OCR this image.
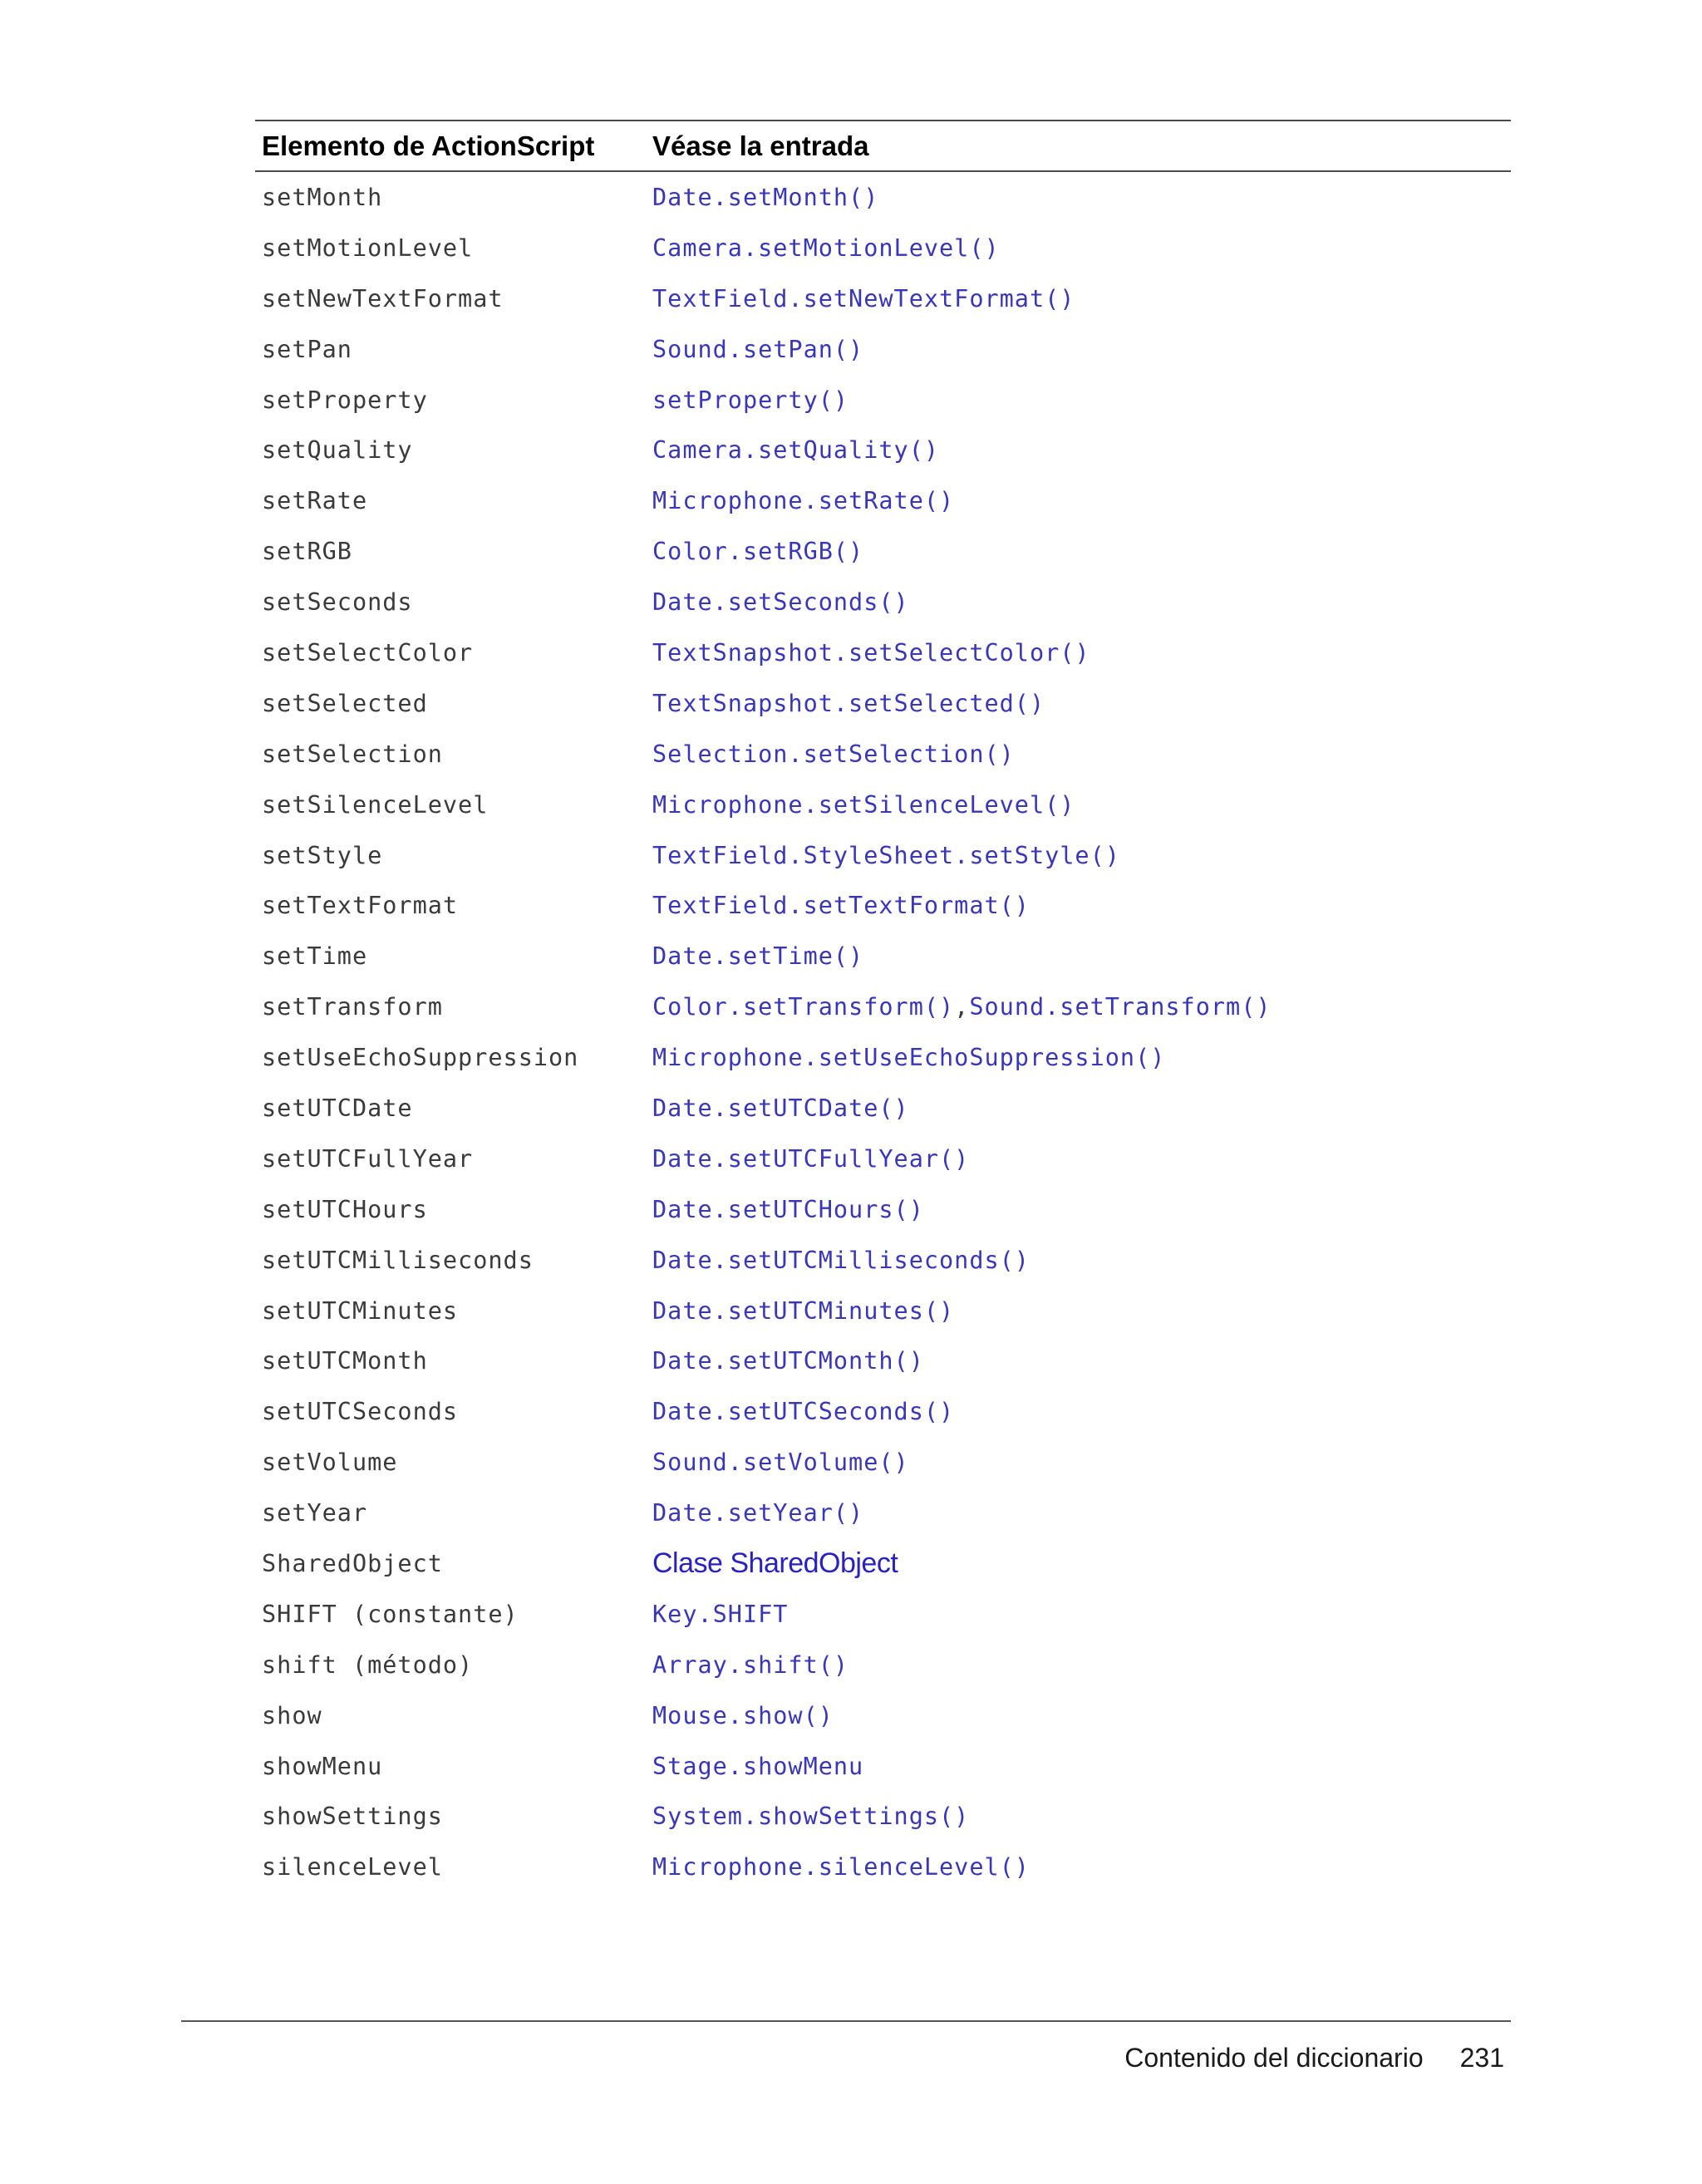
Elemento de ActionScript	Véase la entrada
setMonth	Date.setMonth()
setMotionLevel	Camera.setMotionLevel()
setNewTextFormat	TextField.setNewTextFormat()
setPan	Sound.setPan()
setProperty	setProperty()
setQuality	Camera.setQuality()
setRate	Microphone.setRate()
setRGB	Color.setRGB()
setSeconds	Date.setSeconds()
setSelectColor	TextSnapshot.setSelectColor()
setSelected	TextSnapshot.setSelected()
setSelection	Selection.setSelection()
setSilenceLevel	Microphone.setSilenceLevel()
setStyle	TextField.StyleSheet.setStyle()
setTextFormat	TextField.setTextFormat()
setTime	Date.setTime()
setTransform	Color.setTransform(),Sound.setTransform()
setUseEchoSuppression	Microphone.setUseEchoSuppression()
setUTCDate	Date.setUTCDate()
setUTCFullYear	Date.setUTCFullYear()
setUTCHours	Date.setUTCHours()
setUTCMilliseconds	Date.setUTCMilliseconds()
setUTCMinutes	Date.setUTCMinutes()
setUTCMonth	Date.setUTCMonth()
setUTCSeconds	Date.setUTCSeconds()
setVolume	Sound.setVolume()
setYear	Date.setYear()
SharedObject	Clase SharedObject
SHIFT (constante)	Key.SHIFT
shift (método)	Array.shift()
show	Mouse.show()
showMenu	Stage.showMenu
showSettings	System.showSettings()
silenceLevel	Microphone.silenceLevel()
Contenido del diccionario 231
